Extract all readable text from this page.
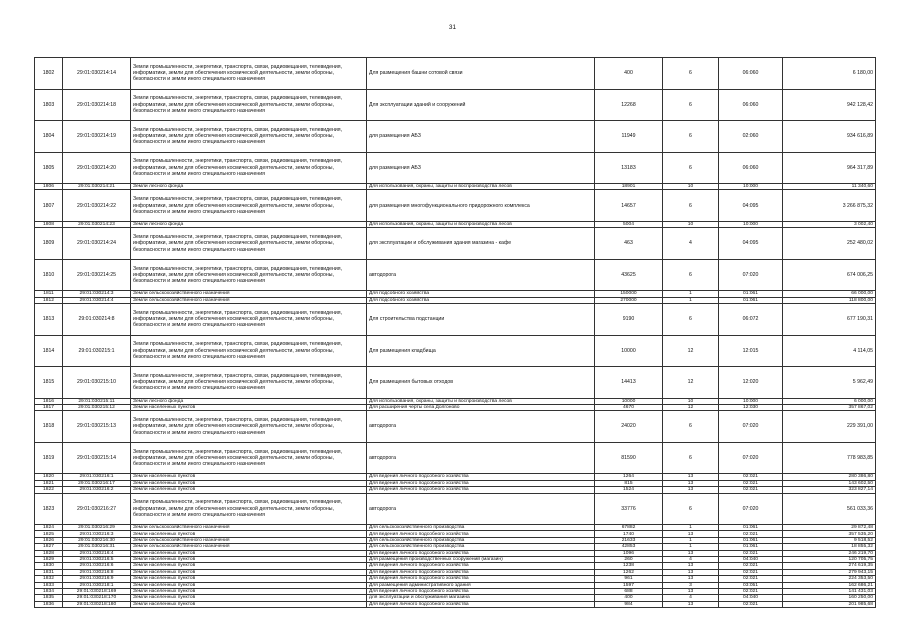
31
1802	29:01:030214:14	Земли промышленности, энергетики, транспорта, связи, радиовещания, телевидения, информатики, земли для обеспечения космической деятельности, земли обороны, безопасности и земли иного специального назначения	Для размещения башни сотовой связи	400	6	06:060	6 180,00
1803	29:01:030214:18	Земли промышленности, энергетики, транспорта, связи, радиовещания, телевидения, информатики, земли для обеспечения космической деятельности, земли обороны, безопасности и земли иного специального назначения	Для эксплуатации зданий и сооружений	12268	6	06:060	942 128,42
1804	29:01:030214:19	Земли промышленности, энергетики, транспорта, связи, радиовещания, телевидения, информатики, земли для обеспечения космической деятельности, земли обороны, безопасности и земли иного специального назначения	для размещения АБЗ	11949	6	02:060	934 616,89
1805	29:01:030214:20	Земли промышленности, энергетики, транспорта, связи, радиовещания, телевидения, информатики, земли для обеспечения космической деятельности, земли обороны, безопасности и земли иного специального назначения	для размещения АБЗ	13183	6	06:060	964 317,89
1806	29:01:030214:21	Земли лесного фонда	Для использования, охраны, защиты и воспроизводства лесов	18901	10	10:000	11 340,60
1807	29:01:030214:22	Земли промышленности, энергетики, транспорта, связи, радиовещания, телевидения, информатики, земли для обеспечения космической деятельности, земли обороны, безопасности и земли иного специального назначения	для размещения многофункционального придорожного комплекса	14657	6	04:095	3 266 875,32
1808	29:01:030214:23	Земли лесного фонда	Для использования, охраны, защиты и воспроизводства лесов	5004	10	10:000	3 002,40
1809	29:01:030214:24	Земли промышленности, энергетики, транспорта, связи, радиовещания, телевидения, информатики, земли для обеспечения космической деятельности, земли обороны, безопасности и земли иного специального назначения	для эксплуатации и обслуживания здания магазина - кафе	463	4	04:095	252 480,02
1810	29:01:030214:25	Земли промышленности, энергетики, транспорта, связи, радиовещания, телевидения, информатики, земли для обеспечения космической деятельности, земли обороны, безопасности и земли иного специального назначения	автодорога	43625	6	07:020	674 006,25
1811	29:01:030214:3	Земли сельскохозяйственного назначения	Для подсобного хозяйства	150000	1	01:061	66 000,00
1812	29:01:030214:4	Земли сельскохозяйственного назначения	Для подсобного хозяйства	270000	1	01:061	118 800,00
1813	29:01:030214:8	Земли промышленности, энергетики, транспорта, связи, радиовещания, телевидения, информатики, земли для обеспечения космической деятельности, земли обороны, безопасности и земли иного специального назначения	Для строительства подстанции	9190	6	06:072	677 190,31
1814	29:01:030215:1	Земли промышленности, энергетики, транспорта, связи, радиовещания, телевидения, информатики, земли для обеспечения космической деятельности, земли обороны, безопасности и земли иного специального назначения	Для размещения кладбища	10000	12	12:015	4 114,05
1815	29:01:030215:10	Земли промышленности, энергетики, транспорта, связи, радиовещания, телевидения, информатики, земли для обеспечения космической деятельности, земли обороны, безопасности и земли иного специального назначения	Для размещения бытовых отходов	14413	12	12:020	5 962,49
1816	29:01:030215:11	Земли лесного фонда	Для использования, охраны, защиты и воспроизводства лесов	10000	10	10:000	6 000,00
1817	29:01:030215:12	Земли населенных пунктов	Для расширения черты села Долгоново	4670	12	12:030	357 867,02
1818	29:01:030215:13	Земли промышленности, энергетики, транспорта, связи, радиовещания, телевидения, информатики, земли для обеспечения космической деятельности, земли обороны, безопасности и земли иного специального назначения	автодорога	24020	6	07:020	229 391,00
1819	29:01:030215:14	Земли промышленности, энергетики, транспорта, связи, радиовещания, телевидения, информатики, земли для обеспечения космической деятельности, земли обороны, безопасности и земли иного специального назначения	автодорога	81590	6	07:020	778 983,85
1820	29:01:030216:1	Земли населенных пунктов	Для ведения личного подсобного хозяйства	1264	13	02:021	280 386,80
1821	29:01:030216:17	Земли населенных пунктов	Для ведения личного подсобного хозяйства	815	13	02:021	143 602,50
1822	29:01:030216:2	Земли населенных пунктов	Для ведения личного подсобного хозяйства	1524	13	02:021	323 827,14
1823	29:01:030216:27	Земли промышленности, энергетики, транспорта, связи, радиовещания, телевидения, информатики, земли для обеспечения космической деятельности, земли обороны, безопасности и земли иного специального назначения	автодорога	33776	6	07:020	561 033,36
1824	29:01:030216:29	Земли сельскохозяйственного назначения	Для сельскохозяйственного производства	67882	1	01:061	29 872,48
1825	29:01:030216:3	Земли населенных пунктов	Для ведения личного подсобного хозяйства	1740	13	02:021	357 535,20
1826	29:01:030216:30	Земли сельскохозяйственного назначения	Для сельскохозяйственного производства	21633	1	01:061	9 518,52
1827	29:01:030216:31	Земли сельскохозяйственного назначения	Для сельскохозяйственного производства	42853	1	01:061	18 855,32
1828	29:01:030216:4	Земли населенных пунктов	Для ведения личного подсобного хозяйства	1096	13	02:021	246 219,70
1829	29:01:030216:5	Земли населенных пунктов	Для размещения производственных сооружений (магазин)	260	4	04:040	120 705,75
1830	29:01:030216:6	Земли населенных пунктов	Для ведения личного подсобного хозяйства	1238	13	02:021	274 619,35
1831	29:01:030216:8	Земли населенных пунктов	Для ведения личного подсобного хозяйства	1262	13	02:021	279 943,15
1832	29:01:030216:9	Земли населенных пунктов	Для ведения личного подсобного хозяйства	961	13	02:021	224 353,50
1833	29:01:030218:1	Земли населенных пунктов	Для размещения административного здания	1597	3	03:051	162 686,21
1834	29:01:030218:169	Земли населенных пунктов	Для ведения личного подсобного хозяйства	688	13	02:021	141 431,03
1835	29:01:030218:170	Земли населенных пунктов	для эксплуатации и обслуживания магазина	400	4	04:040	160 250,00
1836	29:01:030218:180	Земли населенных пунктов	Для ведения личного подсобного хозяйства	984	13	02:021	201 985,68
